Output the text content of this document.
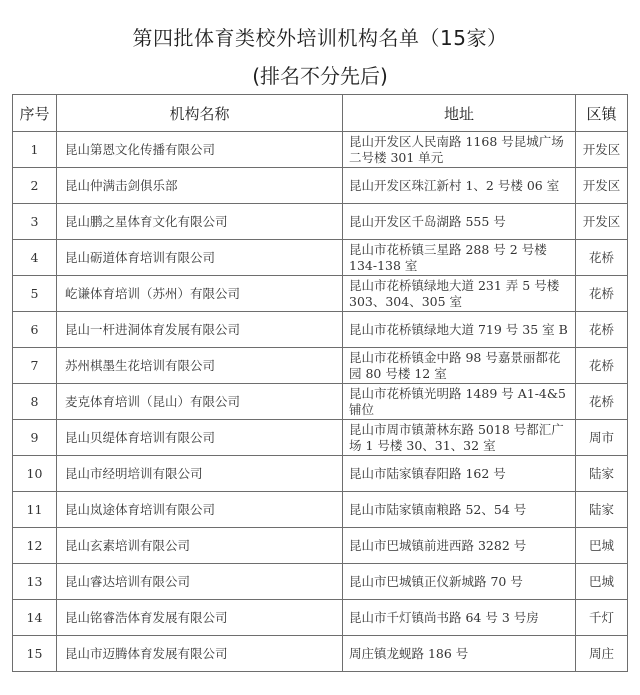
第四批体育类校外培训机构名单（15家）
(排名不分先后)
序号	机构名称	地址	区镇
1	昆山第恩文化传播有限公司	昆山开发区人民南路 1168 号昆城广场二号楼 301 单元	开发区
2	昆山仲满击剑俱乐部	昆山开发区珠江新村 1、2 号楼 06 室	开发区
3	昆山鹏之星体育文化有限公司	昆山开发区千岛湖路 555 号	开发区
4	昆山砺道体育培训有限公司	昆山市花桥镇三星路 288 号 2 号楼 134-138 室	花桥
5	屹谦体育培训（苏州）有限公司	昆山市花桥镇绿地大道 231 弄 5 号楼 303、304、305 室	花桥
6	昆山一杆进洞体育发展有限公司	昆山市花桥镇绿地大道 719 号 35 室 B	花桥
7	苏州棋墨生花培训有限公司	昆山市花桥镇金中路 98 号嘉景丽都花园 80 号楼 12 室	花桥
8	麦克体育培训（昆山）有限公司	昆山市花桥镇光明路 1489 号 A1-4&5 铺位	花桥
9	昆山贝缇体育培训有限公司	昆山市周市镇萧林东路 5018 号都汇广场 1 号楼 30、31、32 室	周市
10	昆山市经明培训有限公司	昆山市陆家镇春阳路 162 号	陆家
11	昆山岚途体育培训有限公司	昆山市陆家镇南粮路 52、54 号	陆家
12	昆山玄素培训有限公司	昆山市巴城镇前进西路 3282 号	巴城
13	昆山睿达培训有限公司	昆山市巴城镇正仪新城路 70 号	巴城
14	昆山铭睿浩体育发展有限公司	昆山市千灯镇尚书路 64 号 3 号房	千灯
15	昆山市迈腾体育发展有限公司	周庄镇龙蚬路 186 号	周庄
